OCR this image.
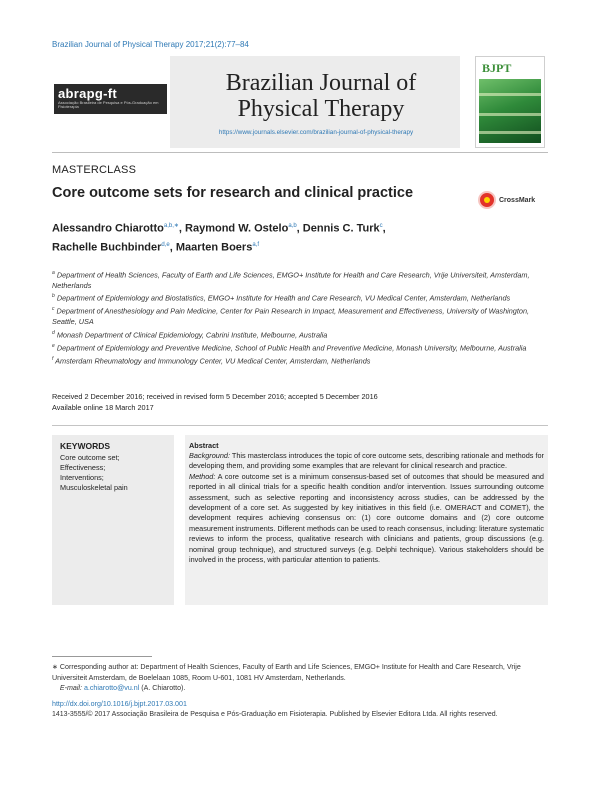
Brazilian Journal of Physical Therapy 2017;21(2):77–84
abrapg-ft
Associação Brasileira de Pesquisa e Pós-Graduação em Fisioterapia
Brazilian Journal of
Physical Therapy
https://www.journals.elsevier.com/brazilian-journal-of-physical-therapy
BJPT
MASTERCLASS
Core outcome sets for research and clinical practice	CrossMark
Alessandro Chiarotto$^{a,b,∗}$, Raymond W. Ostelo$^{a,b}$, Dennis C. Turk$^c$,
Rachelle Buchbinder$^{d,e}$, Maarten Boers$^{a,f}$
$^a$ Department of Health Sciences, Faculty of Earth and Life Sciences, EMGO+ Institute for Health and Care Research, Vrije Universiteit, Amsterdam, Netherlands
$^b$ Department of Epidemiology and Biostatistics, EMGO+ Institute for Health and Care Research, VU Medical Center, Amsterdam, Netherlands
$^c$ Department of Anesthesiology and Pain Medicine, Center for Pain Research in Impact, Measurement and Effectiveness, University of Washington, Seattle, USA
$^d$ Monash Department of Clinical Epidemiology, Cabrini Institute, Melbourne, Australia
$^e$ Department of Epidemiology and Preventive Medicine, School of Public Health and Preventive Medicine, Monash University, Melbourne, Australia
$^f$ Amsterdam Rheumatology and Immunology Center, VU Medical Center, Amsterdam, Netherlands
Received 2 December 2016; received in revised form 5 December 2016; accepted 5 December 2016
Available online 18 March 2017
KEYWORDS
Core outcome set;
Effectiveness;
Interventions;
Musculoskeletal pain
Abstract

Background: This masterclass introduces the topic of core outcome sets, describing rationale and methods for developing them, and providing some examples that are relevant for clinical research and practice.

Method: A core outcome set is a minimum consensus-based set of outcomes that should be measured and reported in all clinical trials for a specific health condition and/or intervention. Issues surrounding outcome assessment, such as selective reporting and inconsistency across studies, can be addressed by the development of a core set. As suggested by key initiatives in this field (i.e. OMERACT and COMET), the development requires achieving consensus on: (1) core outcome domains and (2) core outcome measurement instruments. Different methods can be used to reach consensus, including: literature systematic reviews to inform the process, qualitative research with clinicians and patients, group discussions (e.g. nominal group technique), and structured surveys (e.g. Delphi technique). Various stakeholders should be involved in the process, with particular attention to patients.

∗ Corresponding author at: Department of Health Sciences, Faculty of Earth and Life Sciences, EMGO+ Institute for Health and Care Research, Vrije Universiteit Amsterdam, de Boelelaan 1085, Room U-601, 1081 HV Amsterdam, Netherlands.
E-mail: a.chiarotto@vu.nl (A. Chiarotto).
http://dx.doi.org/10.1016/j.bjpt.2017.03.001
1413-3555/© 2017 Associação Brasileira de Pesquisa e Pós-Graduação em Fisioterapia. Published by Elsevier Editora Ltda. All rights reserved.
